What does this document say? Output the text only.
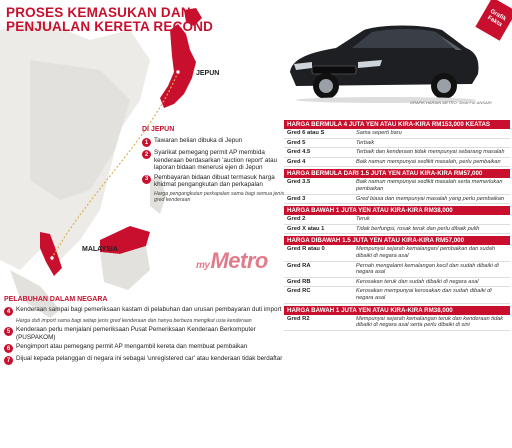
PROSES KEMASUKAN DAN PENJUALAN KERETA RECOND
JEPUN
MALAYSIA
myMetro
DI JEPUN
1 Tawaran belian dibuka di Jepun
2 Syarikat pemegang permit AP membida kenderaan berdasarkan 'auction report' atau laporan bidaan menerusi ejen di Jepun
3 Pembayaran bidaan dibuat termasuk harga khidmat pengangkutan dan perkapalan
Harga pengangkutan perkapalan sama bagi semua jenis gred kenderaan
PELABUHAN DALAM NEGARA
4 Kenderaan sampai bagi pemeriksaan kastam di pelabuhan dan urusan pembayaran duti import
Harga duti import sama bagi setiap jenis gred kenderaan dan hanya berbeza mengikut usia kenderaan
5 Kenderaan perlu menjalani pemeriksaan Pusat Pemeriksaan Kenderaan Berkomputer (PUSPAKOM)
6 Pengimport atau pemegang permit AP mengambil kereta dan membuat pembaikan
7 Dijual kepada pelanggan di negara ini sebagai 'unregistered car' atau kenderaan tidak berdaftar
GRAFIK HARIAN METRO: SHAFFIE ANSARI
Grafik Fakta
HARGA BERMULA 4 JUTA YEN ATAU KIRA-KIRA RM153,000 KEATAS
Gred 6 atau S	Sama seperti baru
Gred 5	Terbaik
Gred 4.5	Terbaik dan kenderaan tidak mempunyai sebarang masalah
Gred 4	Baik namun mempunyai sedikit masalah, perlu pembaikan
HARGA BERMULA DARI 1.5 JUTA YEN ATAU KIRA-KIRA RM57,000
Gred 3.5	Baik namun mempunyai sedikit masalah serta memerlukan pembaikan
Gred 3	Gred biasa dan mempunyai masalah yang perlu pembaikan
HARGA BAWAH 1 JUTA YEN ATAU KIRA-KIRA RM38,000
Gred 2	Teruk
Gred X atau 1	Tidak berfungsi, rosak teruk dan perlu dibaik pulih
HARGA DIBAWAH 1.5 JUTA YEN ATAU KIRA-KIRA RM57,000
Gred R atau 0	Mempunyai sejarah kemalangan/ pembaikan dan sudah dibaiki di negara asal
Gred RA	Pernah mengalami kemalangan kecil dan sudah dibaiki di negara asal
Gred RB	Kerosakan teruk dan sudah dibaiki di negara asal
Gred RC	Kerosakan mempunyai kerosakan dan sudah dibaiki di negara asal
HARGA BAWAH 1 JUTA YEN ATAU KIRA-KIRA RM38,000
Gred R2	Mempunyai sejarah kemalangan teruk dan kenderaan tidak dibaiki di negara asal serta perlu dibaiki di sini
